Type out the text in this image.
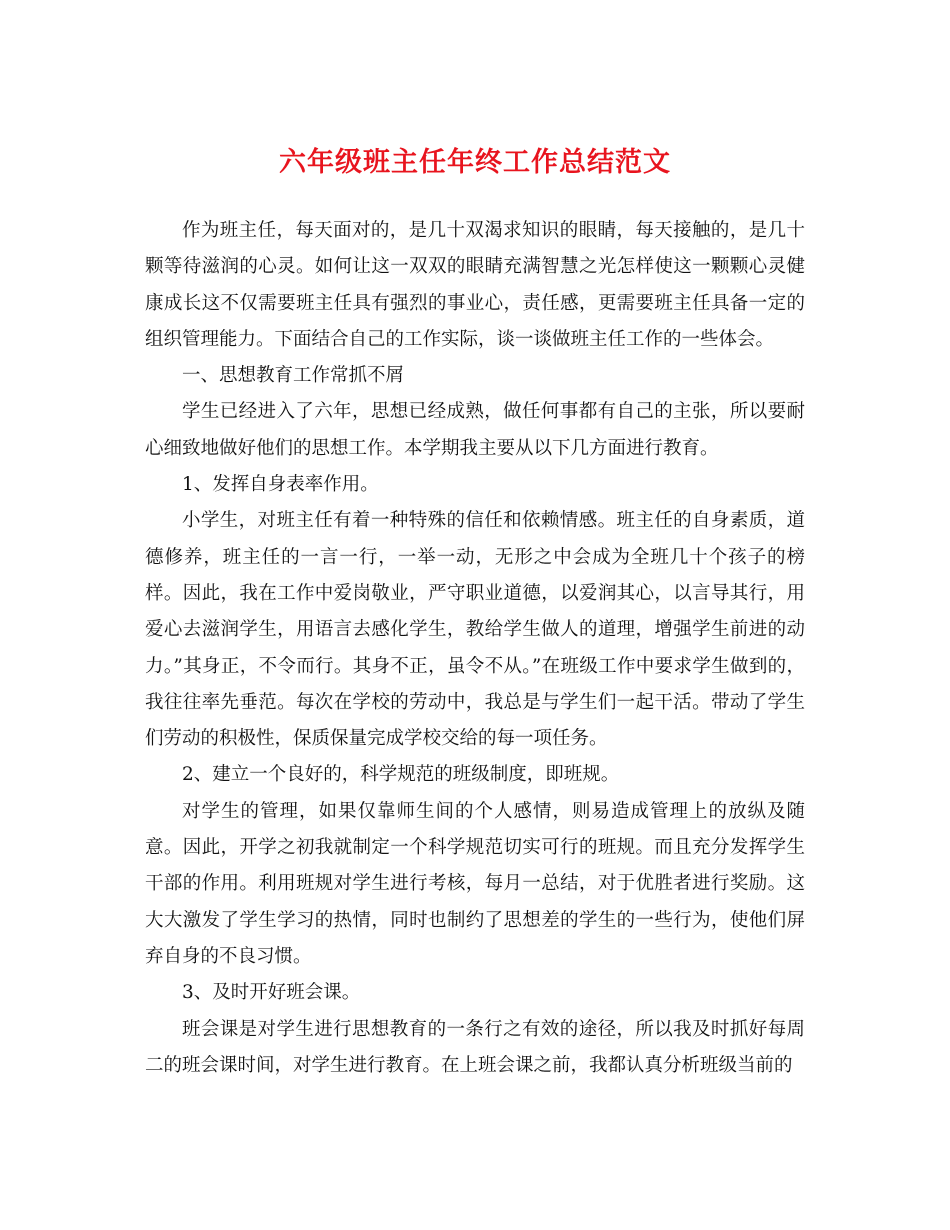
六年级班主任年终工作总结范文

作为班主任，每天面对的，是几十双渴求知识的眼睛，每天接触的，是几十颗等待滋润的心灵。如何让这一双双的眼睛充满智慧之光怎样使这一颗颗心灵健康成长这不仅需要班主任具有强烈的事业心，责任感，更需要班主任具备一定的组织管理能力。下面结合自己的工作实际，谈一谈做班主任工作的一些体会。

一、思想教育工作常抓不屑

学生已经进入了六年，思想已经成熟，做任何事都有自己的主张，所以要耐心细致地做好他们的思想工作。本学期我主要从以下几方面进行教育。

1、发挥自身表率作用。

小学生，对班主任有着一种特殊的信任和依赖情感。班主任的自身素质，道德修养，班主任的一言一行，一举一动，无形之中会成为全班几十个孩子的榜样。因此，我在工作中爱岗敬业，严守职业道德，以爱润其心，以言导其行，用爱心去滋润学生，用语言去感化学生，教给学生做人的道理，增强学生前进的动力。”其身正，不令而行。其身不正，虽令不从。”在班级工作中要求学生做到的，我往往率先垂范。每次在学校的劳动中，我总是与学生们一起干活。带动了学生们劳动的积极性，保质保量完成学校交给的每一项任务。

2、建立一个良好的，科学规范的班级制度，即班规。

对学生的管理，如果仅靠师生间的个人感情，则易造成管理上的放纵及随意。因此，开学之初我就制定一个科学规范切实可行的班规。而且充分发挥学生干部的作用。利用班规对学生进行考核，每月一总结，对于优胜者进行奖励。这大大激发了学生学习的热情，同时也制约了思想差的学生的一些行为，使他们屏弃自身的不良习惯。

3、及时开好班会课。

班会课是对学生进行思想教育的一条行之有效的途径，所以我及时抓好每周二的班会课时间，对学生进行教育。在上班会课之前，我都认真分析班级当前的
